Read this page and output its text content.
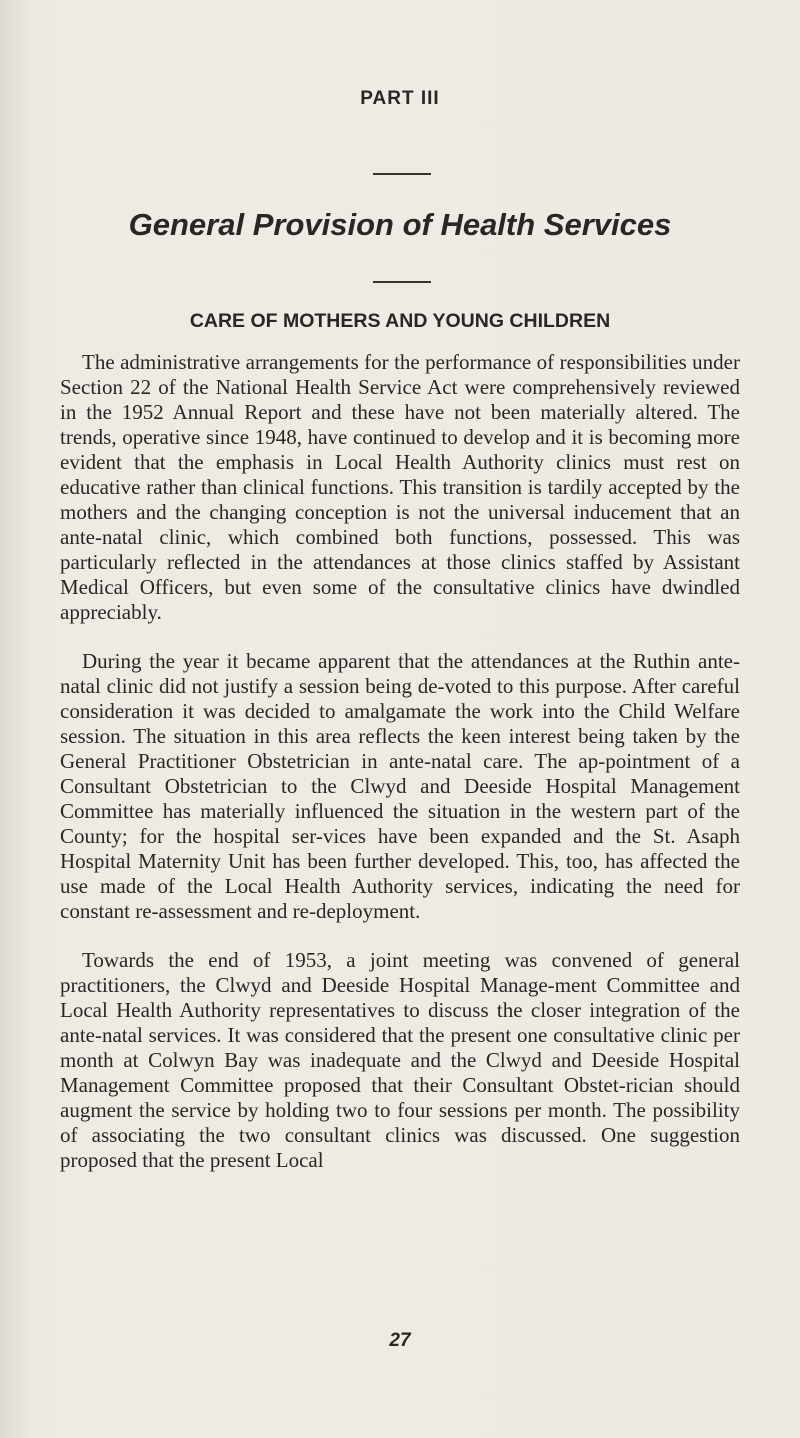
PART III
General Provision of Health Services
CARE OF MOTHERS AND YOUNG CHILDREN

The administrative arrangements for the performance of responsibilities under Section 22 of the National Health Service Act were comprehensively reviewed in the 1952 Annual Report and these have not been materially altered. The trends, operative since 1948, have continued to develop and it is becoming more evident that the emphasis in Local Health Authority clinics must rest on educative rather than clinical functions. This transition is tardily accepted by the mothers and the changing conception is not the universal inducement that an ante-natal clinic, which combined both functions, possessed. This was particularly reflected in the attendances at those clinics staffed by Assistant Medical Officers, but even some of the consultative clinics have dwindled appreciably.

During the year it became apparent that the attendances at the Ruthin ante-natal clinic did not justify a session being de-voted to this purpose. After careful consideration it was decided to amalgamate the work into the Child Welfare session. The situation in this area reflects the keen interest being taken by the General Practitioner Obstetrician in ante-natal care. The ap-pointment of a Consultant Obstetrician to the Clwyd and Deeside Hospital Management Committee has materially influenced the situation in the western part of the County; for the hospital ser-vices have been expanded and the St. Asaph Hospital Maternity Unit has been further developed. This, too, has affected the use made of the Local Health Authority services, indicating the need for constant re-assessment and re-deployment.

Towards the end of 1953, a joint meeting was convened of general practitioners, the Clwyd and Deeside Hospital Manage-ment Committee and Local Health Authority representatives to discuss the closer integration of the ante-natal services. It was considered that the present one consultative clinic per month at Colwyn Bay was inadequate and the Clwyd and Deeside Hospital Management Committee proposed that their Consultant Obstet-rician should augment the service by holding two to four sessions per month. The possibility of associating the two consultant clinics was discussed. One suggestion proposed that the present Local

27
